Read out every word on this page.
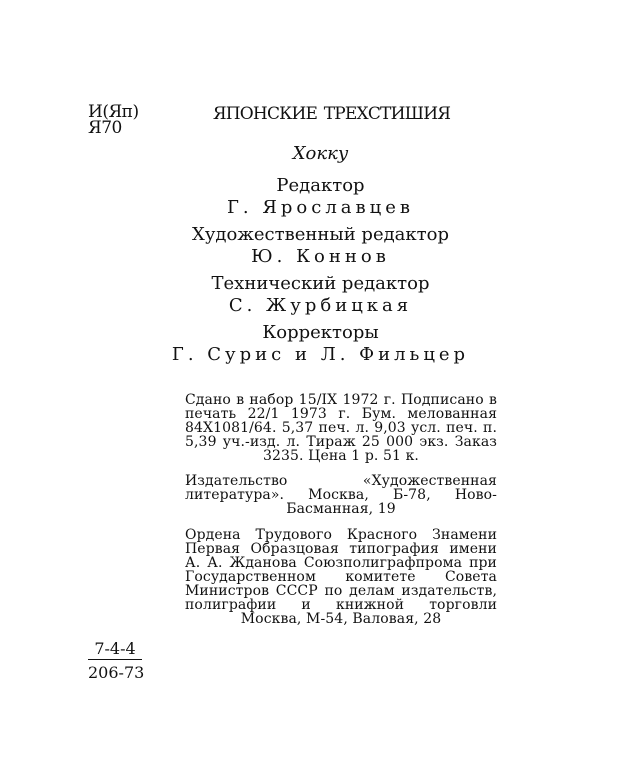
И(Яп)
Я70
ЯПОНСКИЕ ТРЕХСТИШИЯ
Хокку
Редактор
Г. Ярославцев
Художественный редактор
Ю. Коннов
Технический редактор
С. Журбицкая
Корректоры
Г. Сурис и Л. Фильцер

Сдано в набор 15/IX 1972 г. Подписано в печать 22/1 1973 г. Бум. мелованная 84X1081/64. 5,37 печ. л. 9,03 усл. печ. п. 5,39 уч.-изд. л. Тираж 25 000 экз. Заказ 3235. Цена 1 р. 51 к.

Издательство «Художественная литература». Москва, Б-78, Ново-Басманная, 19

Ордена Трудового Красного Знамени Первая Образцовая типография имени А. А. Жданова Союзполиграфпрома при Государственном комитете Совета Министров СССР по делам издательств, полиграфии и книжной торговли Москва, М-54, Валовая, 28

$\frac{7-4-4}{206-73}$
